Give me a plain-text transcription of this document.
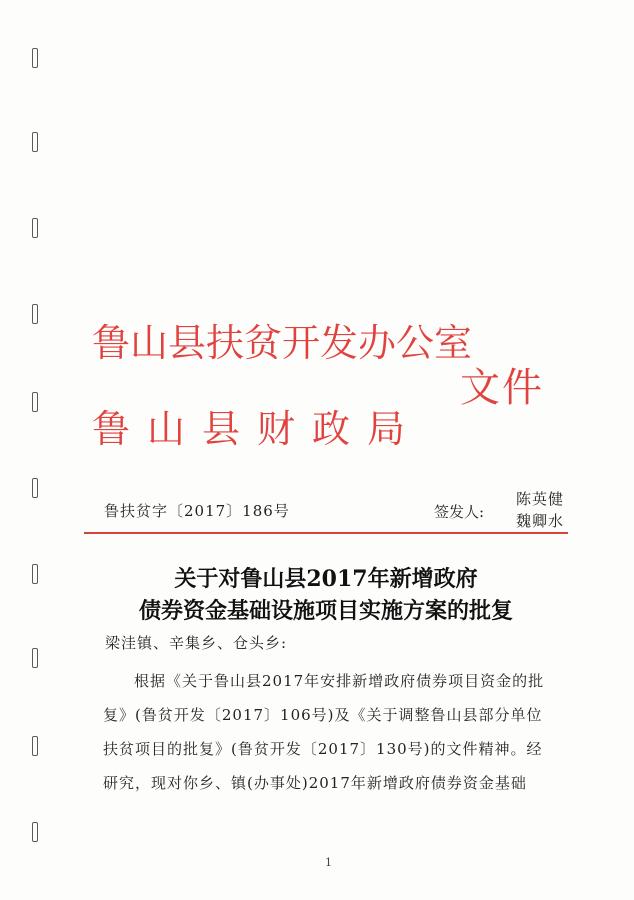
鲁山县扶贫开发办公室
鲁山县财政局
文件
鲁扶贫字〔2017〕186号	签发人:
陈英健
魏卿水
关于对鲁山县2017年新增政府
债券资金基础设施项目实施方案的批复
梁洼镇、辛集乡、仓头乡:
根据《关于鲁山县2017年安排新增政府债券项目资金的批
复》(鲁贫开发〔2017〕106号)及《关于调整鲁山县部分单位
扶贫项目的批复》(鲁贫开发〔2017〕130号)的文件精神。经
研究，现对你乡、镇(办事处)2017年新增政府债券资金基础
1
